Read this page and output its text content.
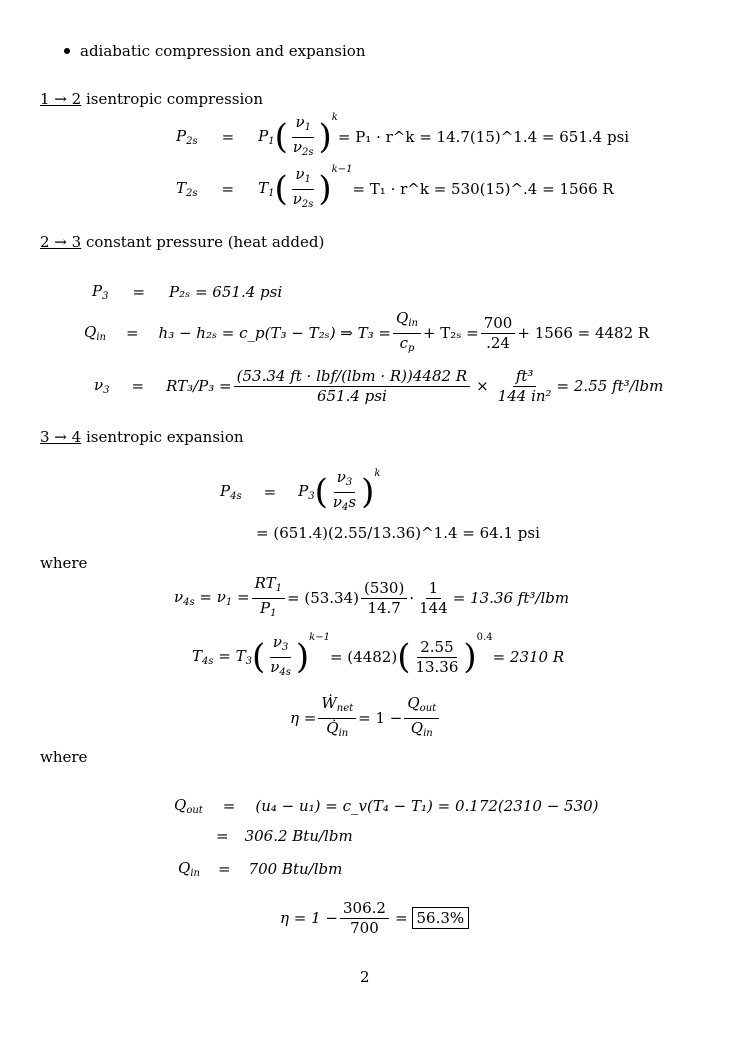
adiabatic compression and expansion
1 → 2 isentropic compression
$P_{2s} = P_1$ ( $\frac{\nu_1}{\nu_{2s}} )^k$
= P₁ · r^k = 14.7(15)^1.4 = 651.4 psi
$T_{2s} = T_1$ ( $\frac{\nu_1}{\nu_{2s}} )^{k-1}$
= T₁ · r^k = 530(15)^.4 = 1566 R
2 → 3 constant pressure (heat added)
$P_3 = P_{2s} = 651.4$ psi
$Q_{in} = h_3 - h_{2s}$ = c_p(T₃ − T₂ₛ) ⇒ $T_3 = \frac{Q_{in}}{c_p} + T_{2s} = \frac{700}{.24} + 1566 = 4482$ R
$\nu_3 = RT_3/P_3 = \frac{\text{(53.34 ft · lbf/(lbm · R))4482 R}}{\text{651.4 psi}} \times \frac{\text{ft³}}{\text{144 in²}} = 2.55$ ft³/lbm
3 → 4 isentropic expansion
$P_{4s} = P_3$ ( $\frac{\nu_3}{\nu_4s} )^k$
= (651.4)(2.55/13.36)^1.4 = 64.1 psi
where
$\nu_{4s} = \nu_1 = \frac{RT_1}{P_1} = (53.34) \frac{(530)}{14.7} \cdot \frac{1}{144} = 13.36$ ft³/lbm
$T_{4s} = T_3$ ( $\frac{\nu_3}{\nu_{4s}} )^{k-1}$
= (4482) ( $\frac{2.55}{13.36} )^{0.4}$
= 2310 R
$\eta = \frac{Ẇ_{net}}{Q̇_{in}} = 1 - \frac{Q_{out}}{Q_{in}}$
where
$Q_{out} = (u_4 - u_1)$ = c_v(T₄ − T₁) = 0.172(2310 − 530)
= 306.2 Btu/lbm
$Q_{in} = 700$ Btu/lbm
$\eta = 1 - \frac{306.2}{700} = 56.3\%$
2
